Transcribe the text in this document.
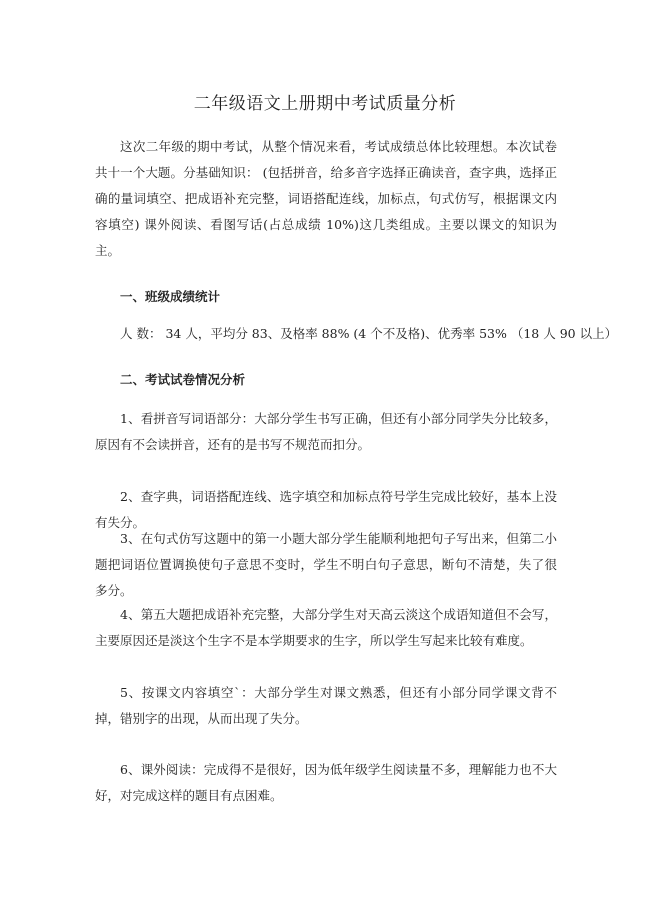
二年级语文上册期中考试质量分析
这次二年级的期中考试，从整个情况来看，考试成绩总体比较理想。本次试卷共十一个大题。分基础知识： (包括拼音，给多音字选择正确读音，查字典，选择正确的量词填空、把成语补充完整，词语搭配连线，加标点，句式仿写，根据课文内容填空) 课外阅读、看图写话(占总成绩 10%)这几类组成。主要以课文的知识为主。
一、班级成绩统计
人 数： 34 人，平均分 83、及格率 88% (4 个不及格)、优秀率 53% （18 人 90 以上）
二、考试试卷情况分析
1、看拼音写词语部分：大部分学生书写正确，但还有小部分同学失分比较多，原因有不会读拼音，还有的是书写不规范而扣分。
2、查字典，词语搭配连线、选字填空和加标点符号学生完成比较好，基本上没有失分。
3、在句式仿写这题中的第一小题大部分学生能顺利地把句子写出来，但第二小题把词语位置调换使句子意思不变时，学生不明白句子意思，断句不清楚，失了很多分。
4、第五大题把成语补充完整，大部分学生对天高云淡这个成语知道但不会写，主要原因还是淡这个生字不是本学期要求的生字，所以学生写起来比较有难度。
5、按课文内容填空`：大部分学生对课文熟悉，但还有小部分同学课文背不掉，错别字的出现，从而出现了失分。
6、课外阅读：完成得不是很好，因为低年级学生阅读量不多，理解能力也不大好，对完成这样的题目有点困难。
